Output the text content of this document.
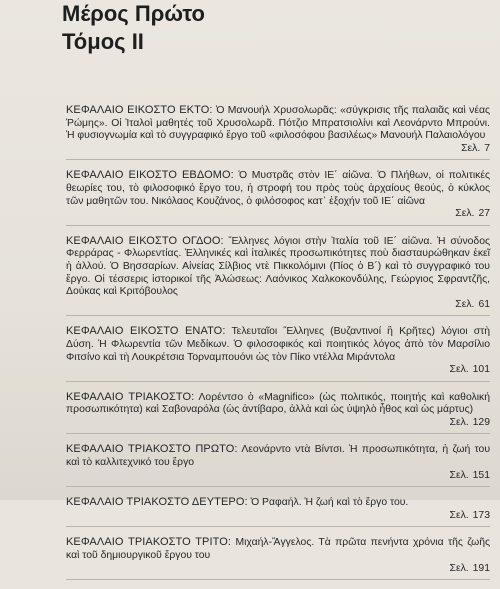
Μέρος Πρώτο
Τόμος ΙΙ
ΚΕΦΑΛΑΙΟ ΕΙΚΟΣΤΟ ΕΚΤΟ: Ὁ Μανουήλ Χρυσολωρᾶς: «σύγκρισις τῆς παλαιᾶς καὶ νέας Ῥώμης». Οἱ Ἰταλοὶ μαθητές τοῦ Χρυσολωρᾶ. Πότζιο Μπρατσιολίνι καὶ Λεονάρντο Μπρούνι. Ἡ φυσιογνωμία καὶ τὸ συγγραφικό ἔργο τοῦ «φιλοσόφου βασιλέως» Μανουήλ Παλαιολόγου
Σελ. 7
ΚΕΦΑΛΑΙΟ ΕΙΚΟΣΤΟ ΕΒΔΟΜΟ: Ὁ Μυστρᾶς στὸν ΙΕ΄ αἰῶνα. Ὁ Πλήθων, οἱ πολιτικές θεωρίες του, τὸ φιλοσοφικό ἔργο του, ἡ στροφή του πρὸς τοὺς ἀρχαίους θεούς, ὁ κύκλος τῶν μαθητῶν του. Νικόλαος Κουζάνος, ὁ φιλόσοφος κατ᾿ ἐξοχήν τοῦ ΙΕ΄ αἰῶνα
Σελ. 27
ΚΕΦΑΛΑΙΟ ΕΙΚΟΣΤΟ ΟΓΔΟΟ: Ἕλληνες λόγιοι στὴν Ἰταλία τοῦ ΙΕ΄ αἰῶνα. Ἡ σύνοδος Φερράρας - Φλωρεντίας. Ἑλληνικές καὶ ἰταλικές προσωπικότητες ποὺ διασταυρώθηκαν ἐκεῖ ἡ ἀλλού. Ὁ Βησσαρίων. Αἰνείας Σίλβιος ντὲ Πικκολόμινι (Πίος ὁ Β΄) καὶ τὸ συγγραφικό του ἔργο. Οἱ τέσσερις ἱστορικοί τῆς Ἁλώσεως: Λαόνικος Χαλκοκονδύλης, Γεώργιος Σφραντζῆς, Δούκας καὶ Κριτόβουλος
Σελ. 61
ΚΕΦΑΛΑΙΟ ΕΙΚΟΣΤΟ ΕΝΑΤΟ: Τελευταῖοι Ἕλληνες (Βυζαντινοί ἢ Κρῆτες) λόγιοι στὴ Δύση. Ἡ Φλωρεντία τῶν Μεδίκων. Ὁ φιλοσοφικός καὶ ποιητικός λόγος ἀπὸ τὸν Μαρσίλιο Φιτσίνο καὶ τὴ Λουκρέτσια Τορναμπουόνι ὡς τὸν Πίκο ντέλλα Μιράντολα
Σελ. 101
ΚΕΦΑΛΑΙΟ ΤΡΙΑΚΟΣΤΟ: Λορέντσο ὁ «Magnifico» (ὡς πολιτικός, ποιητής καὶ καθολική προσωπικότητα) καὶ Σαβοναρόλα (ὡς ἀντίβαρο, ἀλλὰ καὶ ὡς ὑψηλὸ ἦθος καὶ ὡς μάρτυς)
Σελ. 129
ΚΕΦΑΛΑΙΟ ΤΡΙΑΚΟΣΤΟ ΠΡΩΤΟ: Λεονάρντο ντὰ Βίντσι. Ἡ προσωπικότητα, ἡ ζωή του καὶ τὸ καλλιτεχνικό του ἔργο
Σελ. 151
ΚΕΦΑΛΑΙΟ ΤΡΙΑΚΟΣΤΟ ΔΕΥΤΕΡΟ: Ὁ Ραφαήλ. Ἡ ζωή καὶ τὸ ἔργο του.
Σελ. 173
ΚΕΦΑΛΑΙΟ ΤΡΙΑΚΟΣΤΟ ΤΡΙΤΟ: Μιχαήλ-Ἄγγελος. Τὰ πρῶτα πενήντα χρόνια τῆς ζωῆς καὶ τοῦ δημιουργικοῦ ἔργου του
Σελ. 191
